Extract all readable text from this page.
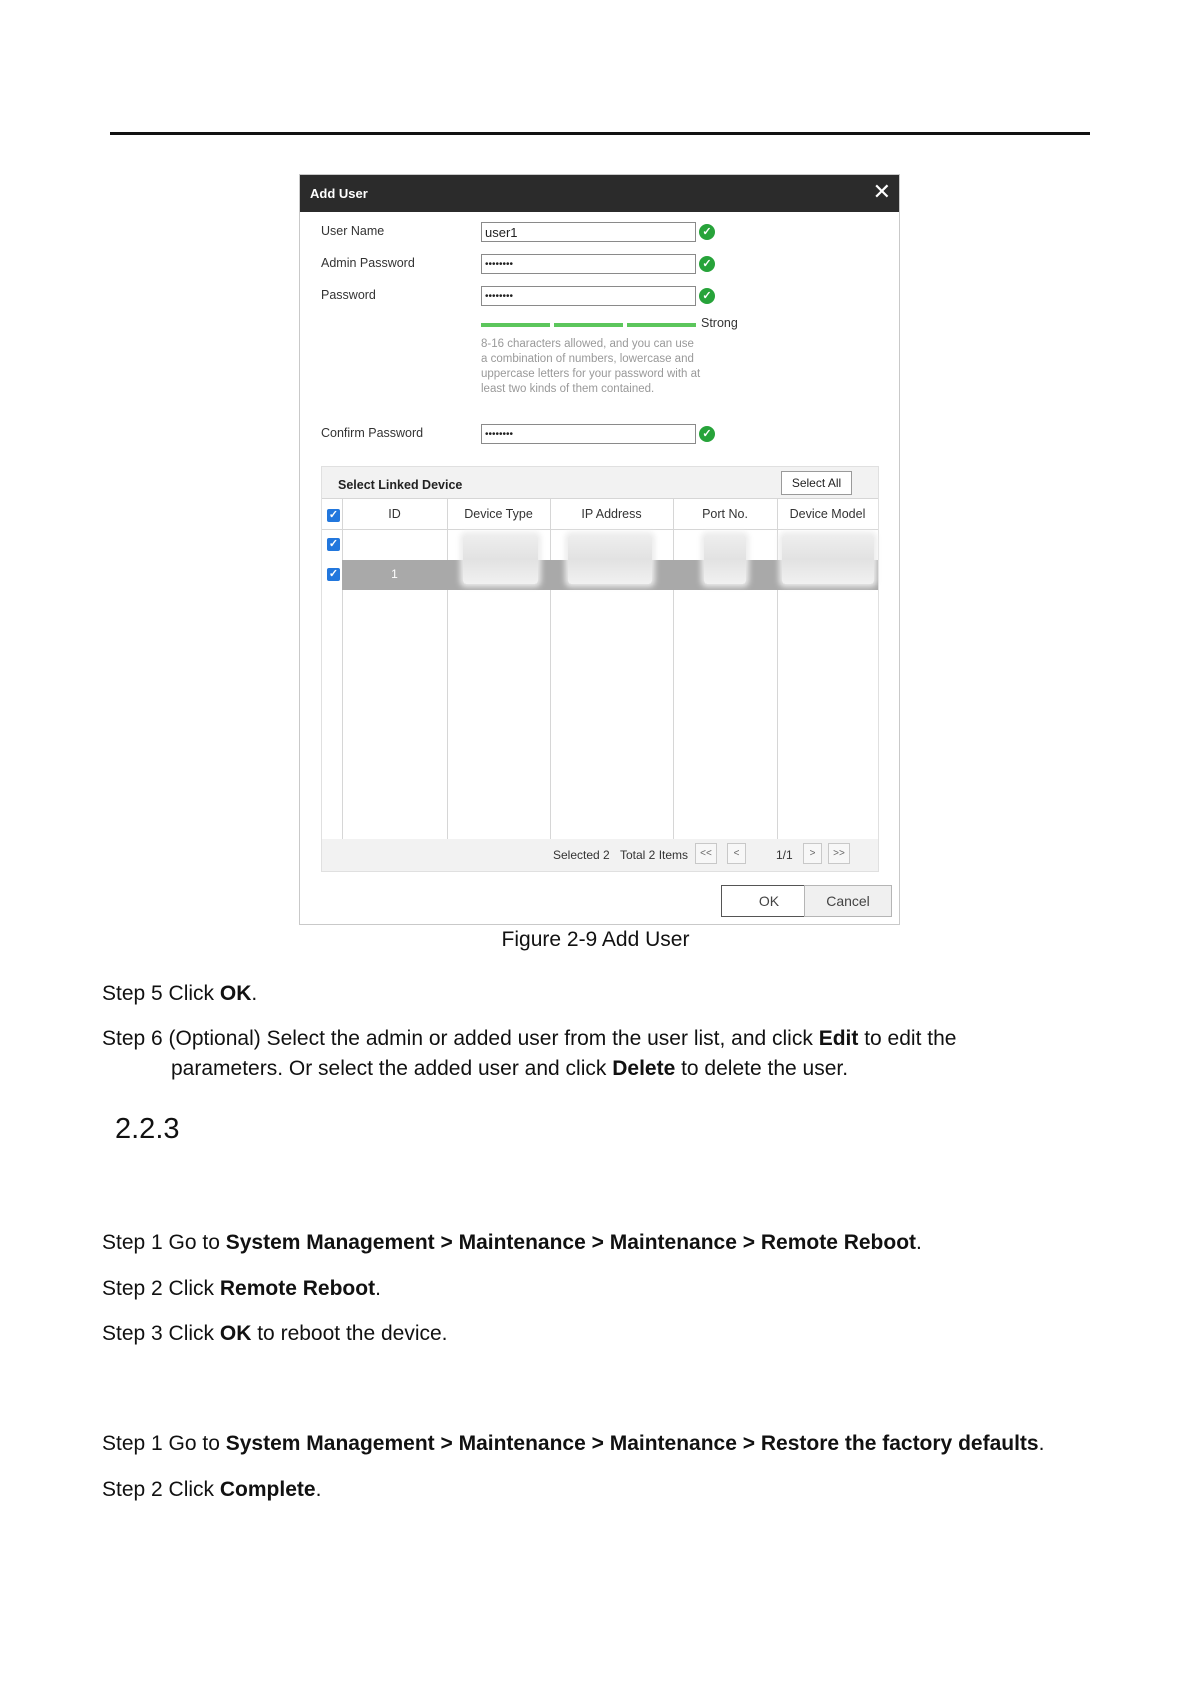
Add User	✕
User Name
user1	✓
Admin Password
••••••••	✓
Password
••••••••	✓
Strong

8-16 characters allowed, and you can use a combination of numbers, lowercase and uppercase letters for your password with at least two kinds of them contained.

Confirm Password
••••••••	✓
Select Linked Device	Select All
✓	ID	Device Type	IP Address	Port No.	Device Model
✓
✓	1
Selected 2 Total 2 Items	<<	<	1/1	>	>>
OK	Cancel
Figure 2-9 Add User
Step 5 Click OK.
Step 6 (Optional) Select the admin or added user from the user list, and click Edit to edit the
parameters. Or select the added user and click Delete to delete the user.
2.2.3
Step 1 Go to System Management > Maintenance > Maintenance > Remote Reboot.
Step 2 Click Remote Reboot.
Step 3 Click OK to reboot the device.
Step 1 Go to System Management > Maintenance > Maintenance > Restore the factory defaults.
Step 2 Click Complete.
